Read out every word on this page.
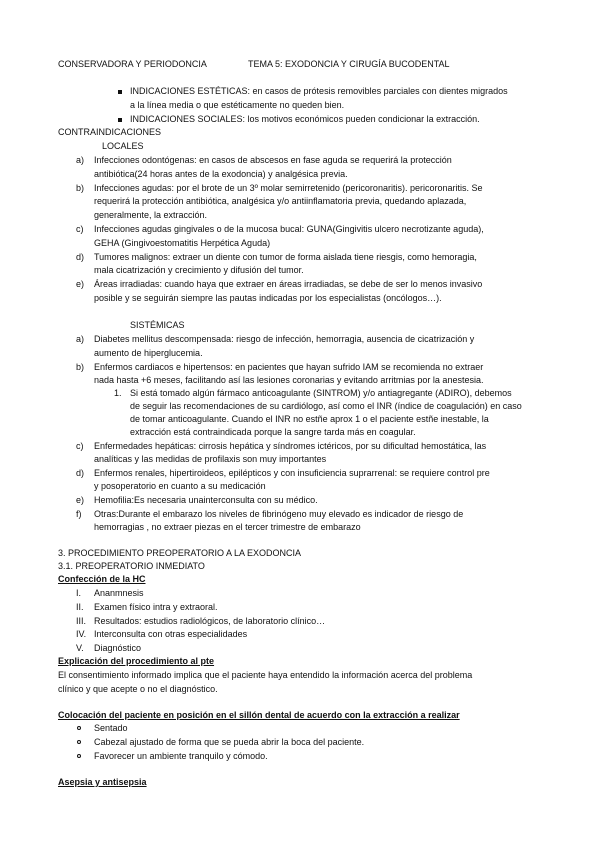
CONSERVADORA Y PERIODONCIA	TEMA 5: EXODONCIA Y CIRUGÍA BUCODENTAL
INDICACIONES ESTÉTICAS: en casos de prótesis removibles parciales con dientes migrados
a la línea media o que estéticamente no queden bien.
INDICACIONES SOCIALES: los motivos económicos pueden condicionar la extracción.
CONTRAINDICACIONES
LOCALES
a) Infecciones odontógenas: en casos de abscesos en fase aguda se requerirá la protección
antibiótica(24 horas antes de la exodoncia) y analgésica previa.
b) Infecciones agudas: por el brote de un 3º molar semirretenido (pericoronaritis). pericoronaritis. Se
requerirá la protección antibiótica, analgésica y/o antiinflamatoria previa, quedando aplazada,
generalmente, la extracción.
c) Infecciones agudas gingivales o de la mucosa bucal: GUNA(Gingivitis ulcero necrotizante aguda),
GEHA (Gingivoestomatitis Herpética Aguda)
d) Tumores malignos: extraer un diente con tumor de forma aislada tiene riesgis, como hemoragia,
mala cicatrización y crecimiento y difusión del tumor.
e) Áreas irradiadas: cuando haya que extraer en áreas irradiadas, se debe de ser lo menos invasivo
posible y se seguirán siempre las pautas indicadas por los especialistas (oncólogos…).
SISTÉMICAS
a) Diabetes mellitus descompensada: riesgo de infección, hemorragia, ausencia de cicatrización y
aumento de hiperglucemia.
b) Enfermos cardiacos e hipertensos: en pacientes que hayan sufrido IAM se recomienda no extraer
nada hasta +6 meses, facilitando así las lesiones coronarias y evitando arritmias por la anestesia.
1. Si está tomado algún fármaco anticoagulante (SINTROM) y/o antiagregante (ADIRO), debemos
de seguir las recomendaciones de su cardiólogo, así como el INR (índice de coagulación) en caso
de tomar anticoagulante. Cuando el INR no estñe aprox 1 o el paciente estñe inestable, la
extracción está contraindicada porque la sangre tarda más en coagular.
c) Enfermedades hepáticas: cirrosis hepática y síndromes ictéricos, por su dificultad hemostática, las
analíticas y las medidas de profilaxis son muy importantes
d) Enfermos renales, hipertiroideos, epilépticos y con insuficiencia suprarrenal: se requiere control pre
y posoperatorio en cuanto a su medicación
e) Hemofilia:Es necesaria unainterconsulta con su médico.
f) Otras:Durante el embarazo los niveles de fibrinógeno muy elevado es indicador de riesgo de
hemorragias , no extraer piezas en el tercer trimestre de embarazo
3. PROCEDIMIENTO PREOPERATORIO A LA EXODONCIA
3.1. PREOPERATORIO INMEDIATO
Confección de la HC
I. Ananmnesis
II. Examen físico intra y extraoral.
III. Resultados: estudios radiológicos, de laboratorio clínico…
IV. Interconsulta con otras especialidades
V. Diagnóstico
Explicación del procedimiento al pte
El consentimiento informado implica que el paciente haya entendido la información acerca del problema
clínico y que acepte o no el diagnóstico.
Colocación del paciente en posición en el sillón dental de acuerdo con la extracción a realizar
Sentado
Cabezal ajustado de forma que se pueda abrir la boca del paciente.
Favorecer un ambiente tranquilo y cómodo.
Asepsia y antisepsia
